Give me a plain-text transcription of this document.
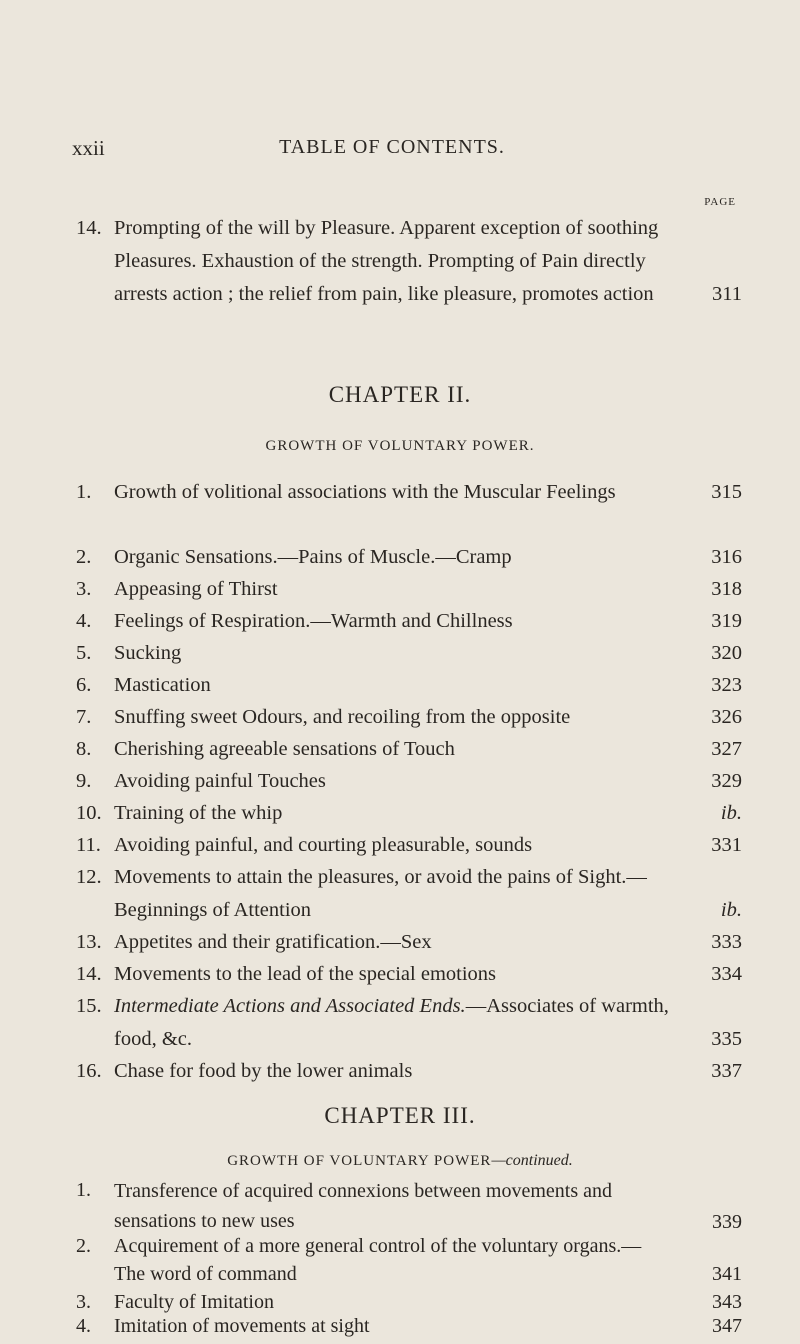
xxii	TABLE OF CONTENTS.
PAGE
14. Prompting of the will by Pleasure. Apparent exception of soothing Pleasures. Exhaustion of the strength. Prompting of Pain directly arrests action ; the relief from pain, like pleasure, promotes action	311
CHAPTER II.
GROWTH OF VOLUNTARY POWER.
1. Growth of volitional associations with the Muscular Feelings	315
2. Organic Sensations.—Pains of Muscle.—Cramp	316
3. Appeasing of Thirst	318
4. Feelings of Respiration.—Warmth and Chillness	319
5. Sucking	320
6. Mastication	323
7. Snuffing sweet Odours, and recoiling from the opposite	326
8. Cherishing agreeable sensations of Touch	327
9. Avoiding painful Touches	329
10. Training of the whip	ib.
11. Avoiding painful, and courting pleasurable, sounds	331
12. Movements to attain the pleasures, or avoid the pains of Sight.—Beginnings of Attention	ib.
13. Appetites and their gratification.—Sex	333
14. Movements to the lead of the special emotions	334
15. Intermediate Actions and Associated Ends.—Associates of warmth, food, &c.	335
16. Chase for food by the lower animals	337
CHAPTER III.
GROWTH OF VOLUNTARY POWER—continued.
1. Transference of acquired connexions between movements and sensations to new uses	339
2. Acquirement of a more general control of the voluntary organs.—The word of command	341
3. Faculty of Imitation	343
4. Imitation of movements at sight	347
